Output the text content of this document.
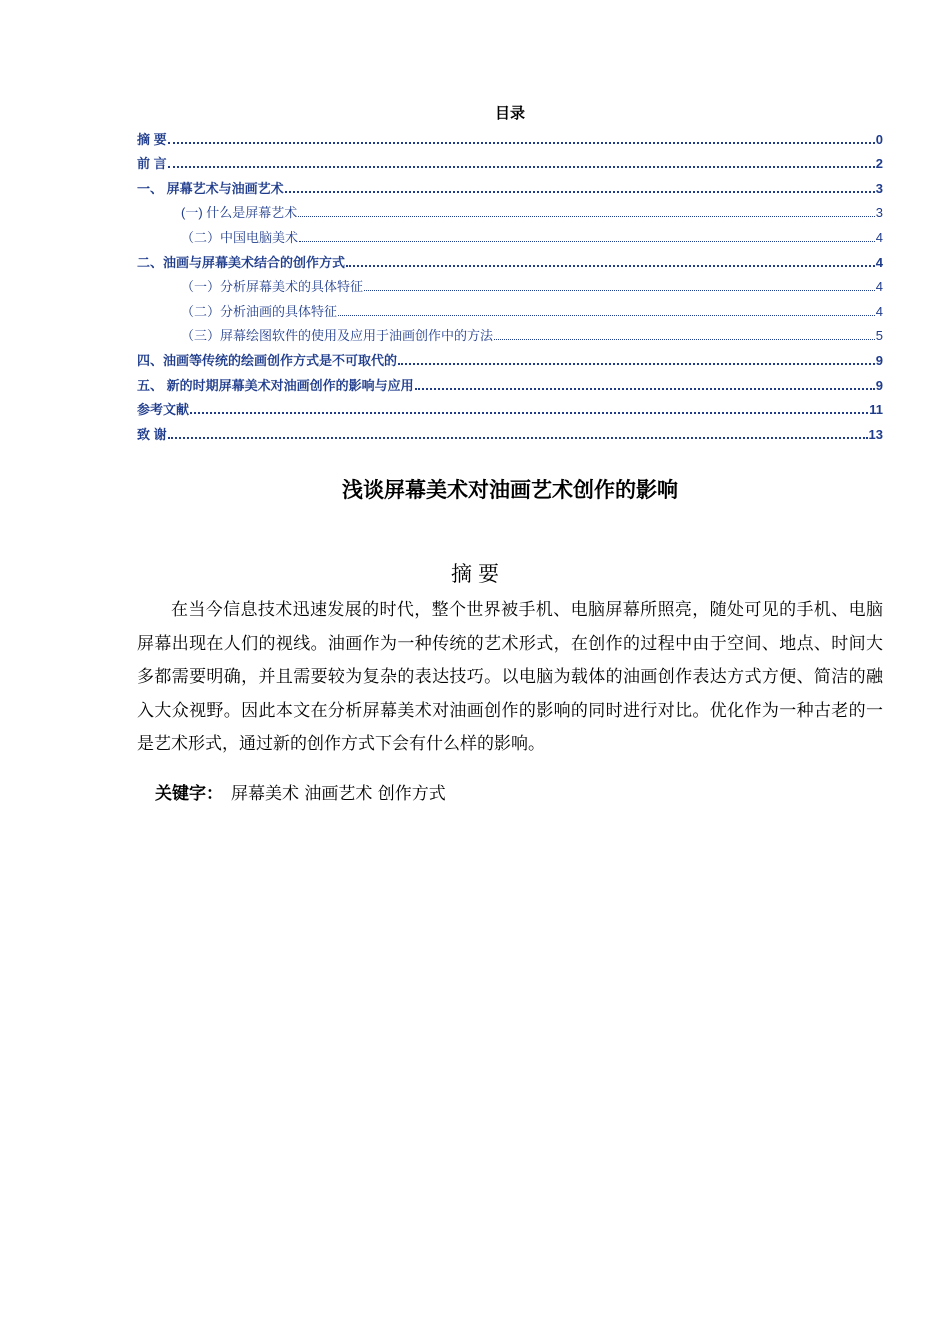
目录
摘 要	0
前 言	2
一、 屏幕艺术与油画艺术	3
(一) 什么是屏幕艺术	3
（二）中国电脑美术	4
二、油画与屏幕美术结合的创作方式	4
（一）分析屏幕美术的具体特征	4
（二）分析油画的具体特征	4
（三）屏幕绘图软件的使用及应用于油画创作中的方法	5
四、油画等传统的绘画创作方式是不可取代的	9
五、 新的时期屏幕美术对油画创作的影响与应用	9
参考文献	11
致 谢	13
浅谈屏幕美术对油画艺术创作的影响
摘要

在当今信息技术迅速发展的时代，整个世界被手机、电脑屏幕所照亮，随处可见的手机、电脑屏幕出现在人们的视线。油画作为一种传统的艺术形式，在创作的过程中由于空间、地点、时间大多都需要明确，并且需要较为复杂的表达技巧。以电脑为载体的油画创作表达方式方便、简洁的融入大众视野。因此本文在分析屏幕美术对油画创作的影响的同时进行对比。优化作为一种古老的一是艺术形式，通过新的创作方式下会有什么样的影响。

关键字： 屏幕美术 油画艺术 创作方式
